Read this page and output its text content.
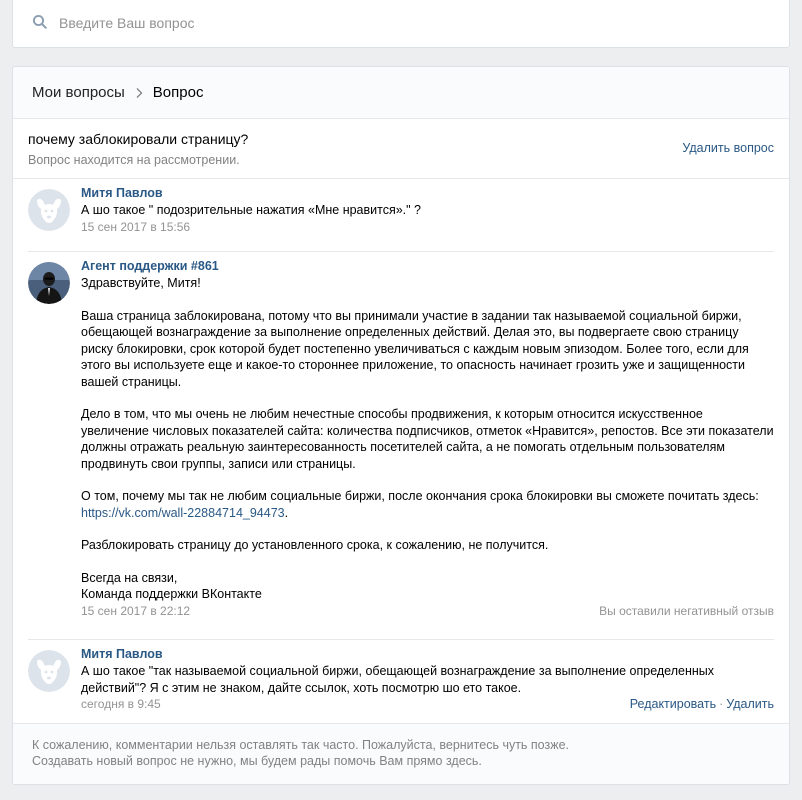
Введите Ваш вопрос
Мои вопросы Вопрос
почему заблокировали страницу?
Вопрос находится на рассмотрении.
Удалить вопрос
Митя Павлов
А шо такое " подозрительные нажатия «Мне нравится»." ?
15 сен 2017 в 15:56
Агент поддержки #861

Здравствуйте, Митя!

Ваша страница заблокирована, потому что вы принимали участие в задании так называемой социальной биржи, обещающей вознаграждение за выполнение определенных действий. Делая это, вы подвергаете свою страницу риску блокировки, срок которой будет постепенно увеличиваться с каждым новым эпизодом. Более того, если для этого вы используете еще и какое-то стороннее приложение, то опасность начинает грозить уже и защищенности вашей страницы.

Дело в том, что мы очень не любим нечестные способы продвижения, к которым относится искусственное увеличение числовых показателей сайта: количества подписчиков, отметок «Нравится», репостов. Все эти показатели должны отражать реальную заинтересованность посетителей сайта, а не помогать отдельным пользователям продвинуть свои группы, записи или страницы.

О том, почему мы так не любим социальные биржи, после окончания срока блокировки вы сможете почитать здесь:
https://vk.com/wall-22884714_94473.

Разблокировать страницу до установленного срока, к сожалению, не получится.

Всегда на связи,
Команда поддержки ВКонтакте

15 сен 2017 в 22:12	Вы оставили негативный отзыв
Митя Павлов
А шо такое "так называемой социальной биржи, обещающей вознаграждение за выполнение определенных действий"? Я с этим не знаком, дайте ссылок, хоть посмотрю шо ето такое.
сегодня в 9:45	Редактировать · Удалить
К сожалению, комментарии нельзя оставлять так часто. Пожалуйста, вернитесь чуть позже.
Создавать новый вопрос не нужно, мы будем рады помочь Вам прямо здесь.
